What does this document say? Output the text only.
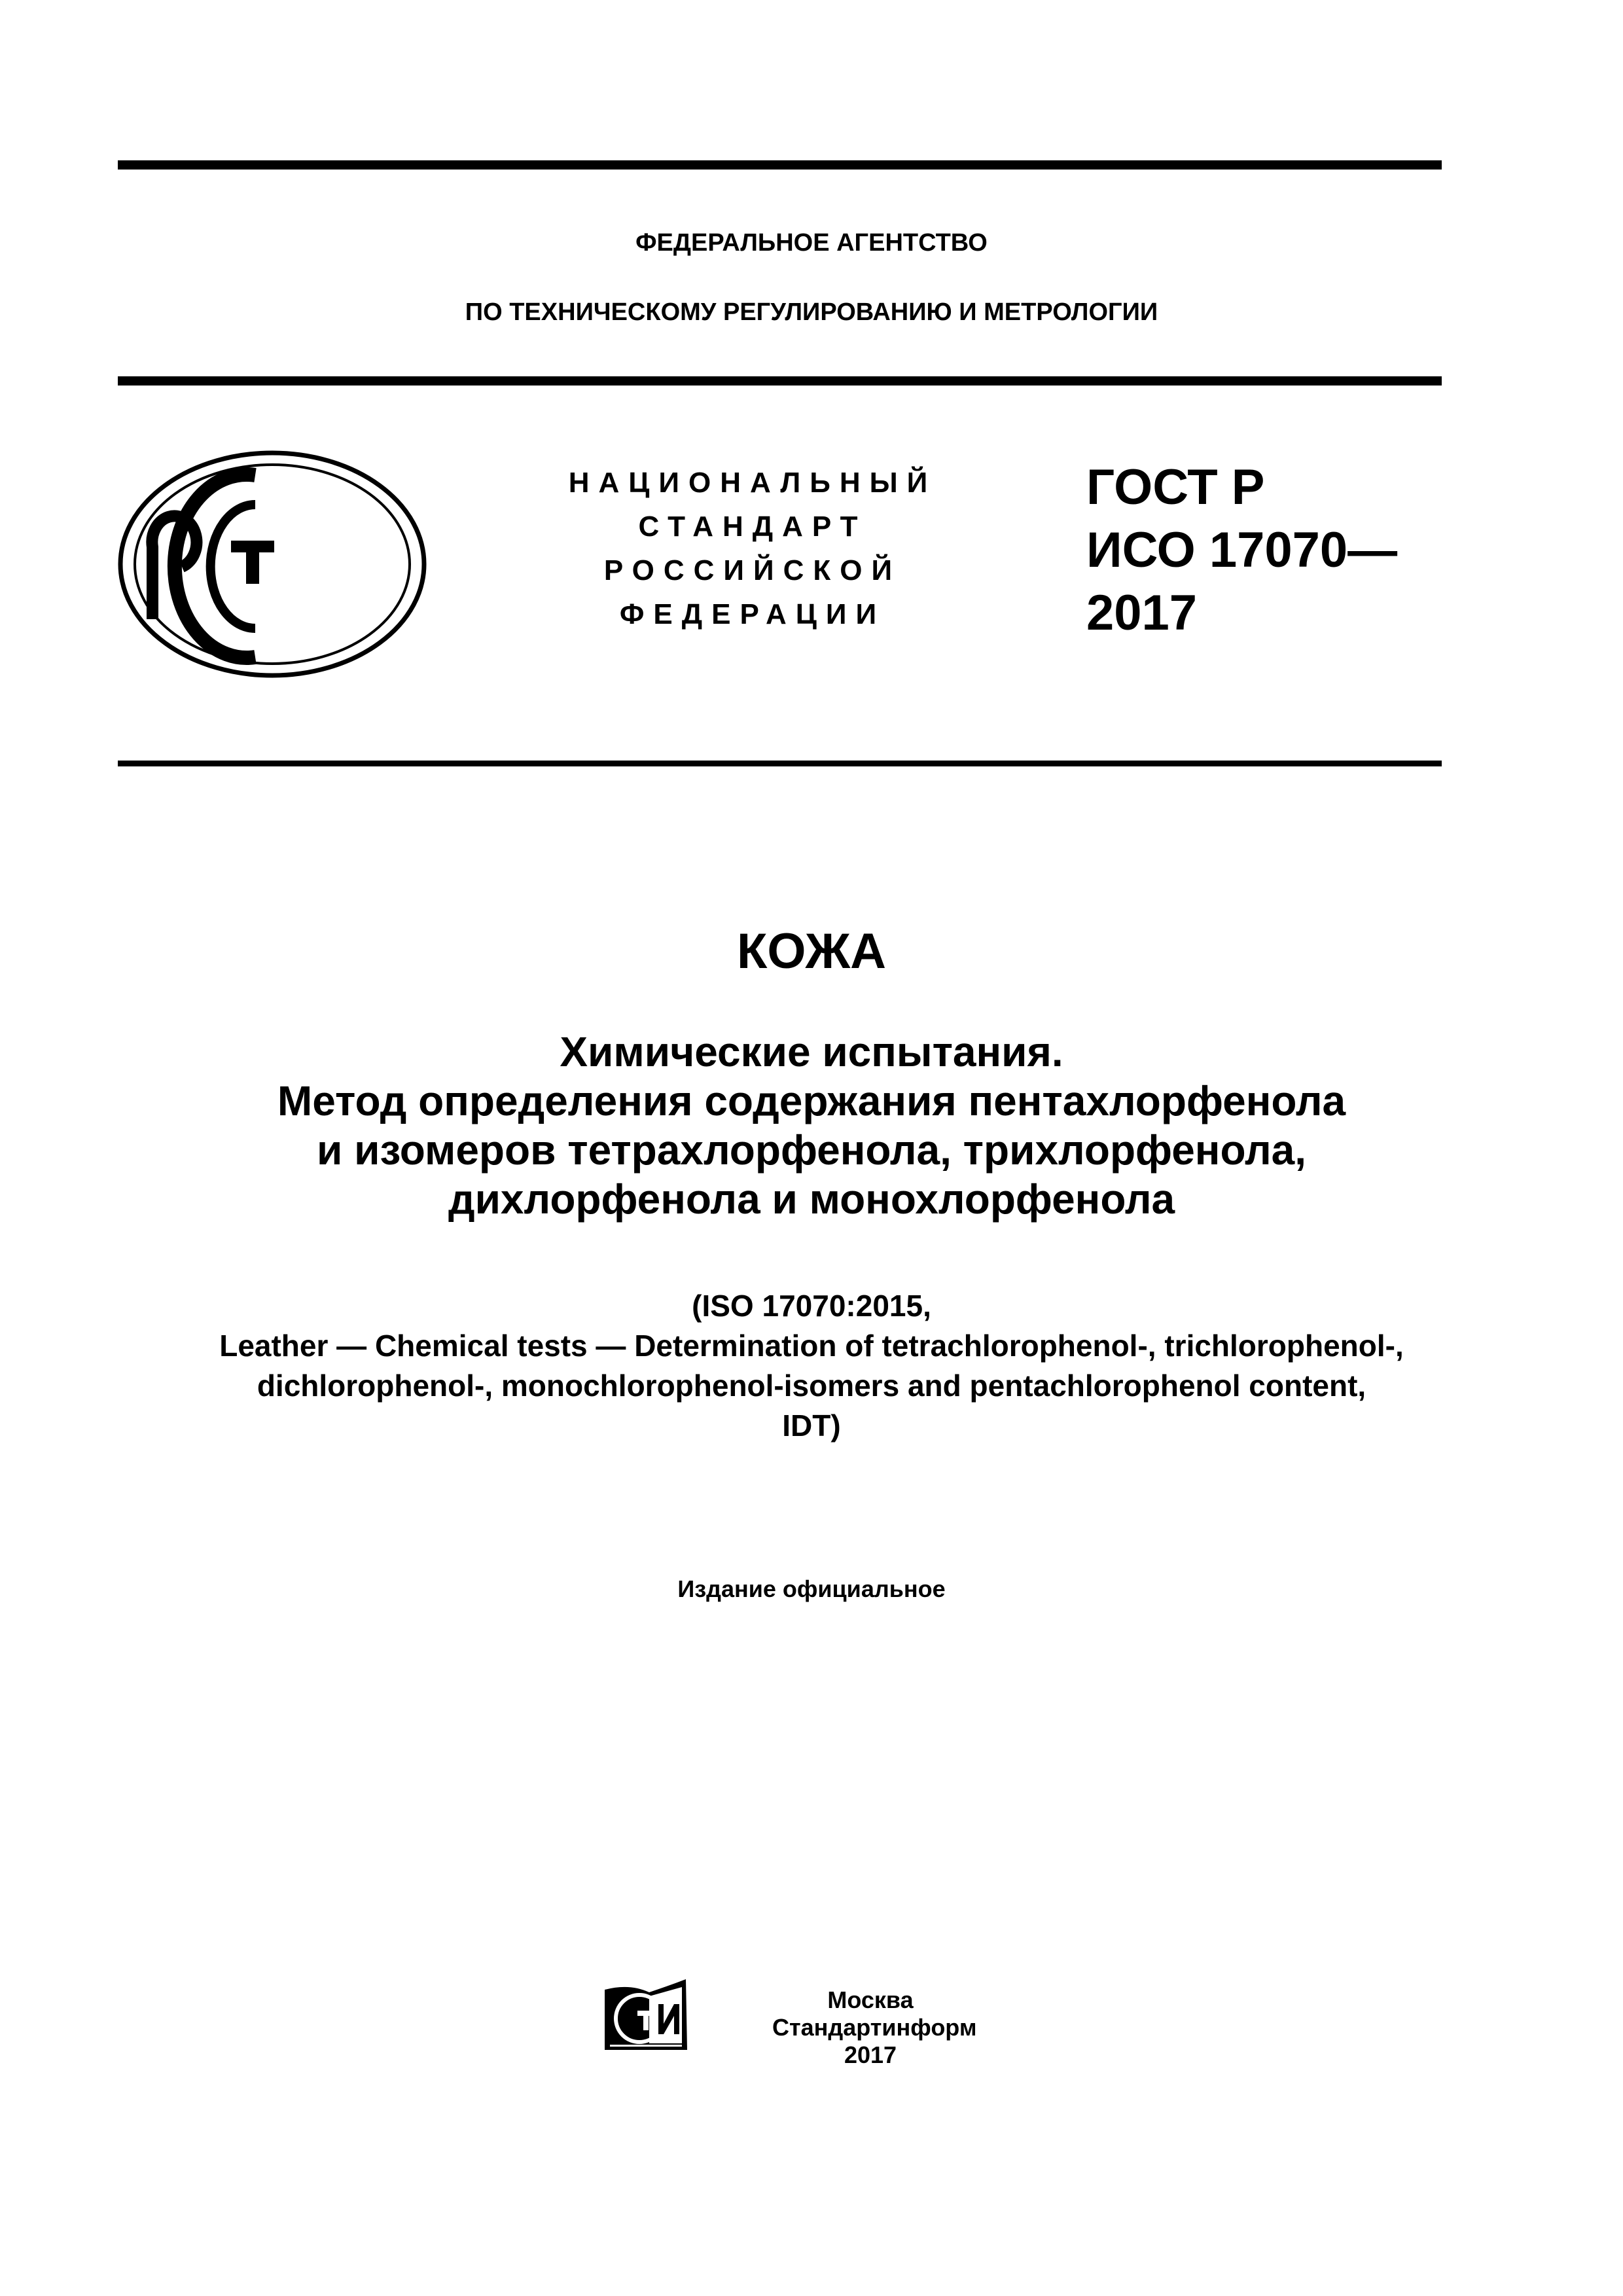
ФЕДЕРАЛЬНОЕ АГЕНТСТВО
ПО ТЕХНИЧЕСКОМУ РЕГУЛИРОВАНИЮ И МЕТРОЛОГИИ
НАЦИОНАЛЬНЫЙ
СТАНДАРТ
РОССИЙСКОЙ
ФЕДЕРАЦИИ
ГОСТ Р
ИСО 17070—
2017
КОЖА
Химические испытания.
Метод определения содержания пентахлорфенола
и изомеров тетрахлорфенола, трихлорфенола,
дихлорфенола и монохлорфенола
(ISO 17070:2015,
Leather — Chemical tests — Determination of tetrachlorophenol-, trichlorophenol-,
dichlorophenol-, monochlorophenol-isomers and pentachlorophenol content,
IDT)
Издание официальное
Москва
Стандартинформ
2017
